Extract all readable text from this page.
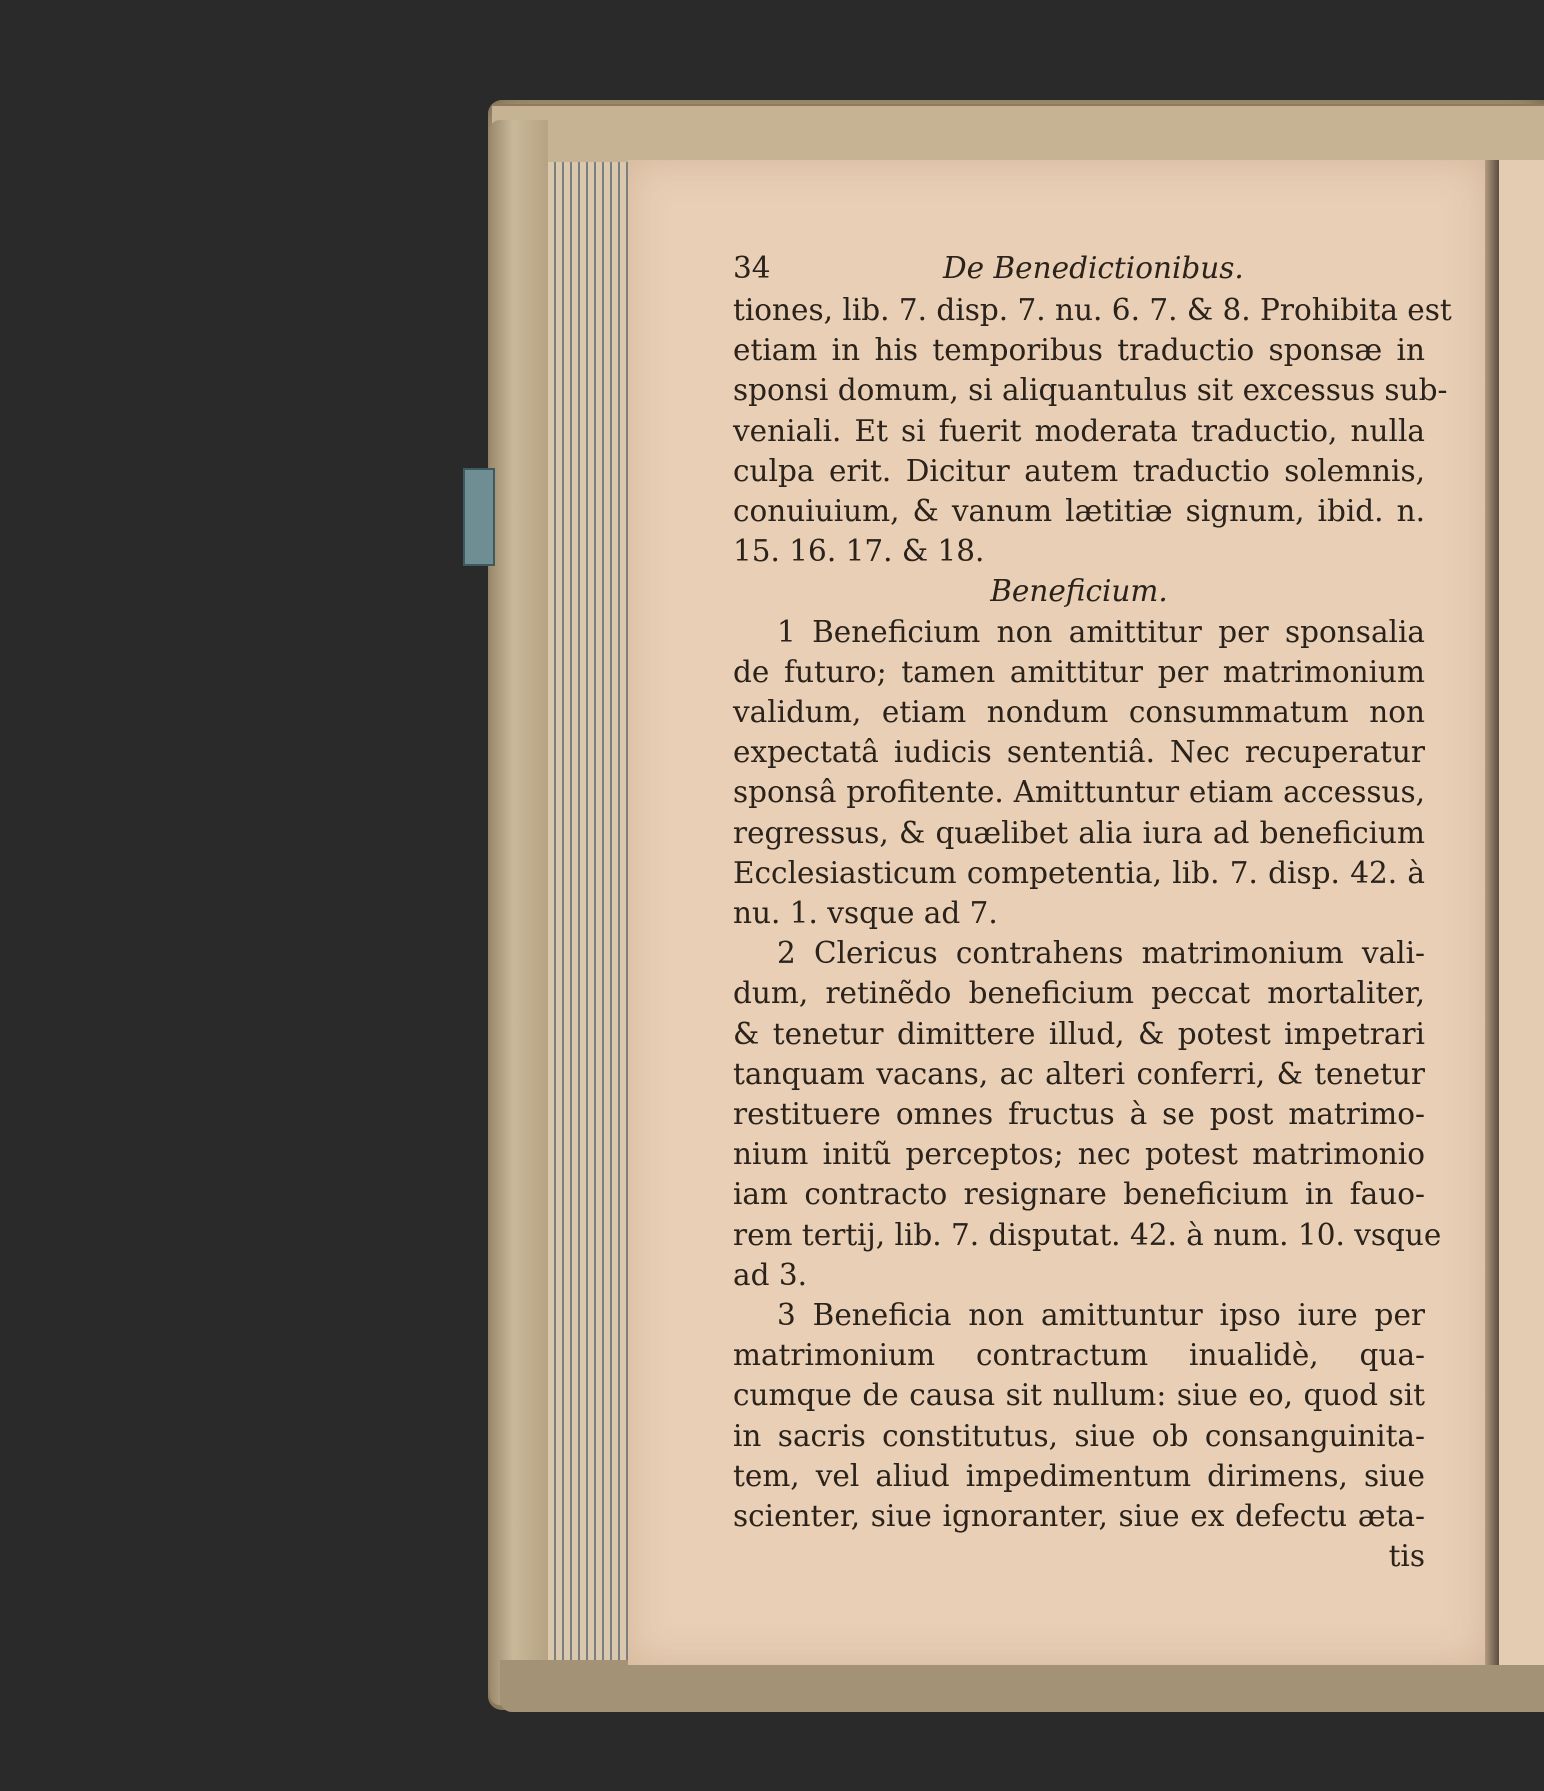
34	De Benedictionibus.
tiones, lib. 7. disp. 7. nu. 6. 7. & 8. Prohibita est
etiam in his temporibus traductio sponsæ in
sponsi domum, si aliquantulus sit excessus sub-
veniali. Et si fuerit moderata traductio, nulla
culpa erit. Dicitur autem traductio solemnis,
conuiuium, & vanum lætitiæ signum, ibid. n.
15. 16. 17. & 18.
Beneficium.
1 Beneficium non amittitur per sponsalia
de futuro; tamen amittitur per matrimonium
validum, etiam nondum consummatum non
expectatâ iudicis sententiâ. Nec recuperatur
sponsâ profitente. Amittuntur etiam accessus,
regressus, & quælibet alia iura ad beneficium
Ecclesiasticum competentia, lib. 7. disp. 42. à
nu. 1. vsque ad 7.
2 Clericus contrahens matrimonium vali-
dum, retinẽdo beneficium peccat mortaliter,
& tenetur dimittere illud, & potest impetrari
tanquam vacans, ac alteri conferri, & tenetur
restituere omnes fructus à se post matrimo-
nium initũ perceptos; nec potest matrimonio
iam contracto resignare beneficium in fauo-
rem tertij, lib. 7. disputat. 42. à num. 10. vsque
ad 3.
3 Beneficia non amittuntur ipso iure per
matrimonium contractum inualidè, qua-
cumque de causa sit nullum: siue eo, quod sit
in sacris constitutus, siue ob consanguinita-
tem, vel aliud impedimentum dirimens, siue
scienter, siue ignoranter, siue ex defectu æta-
tis
